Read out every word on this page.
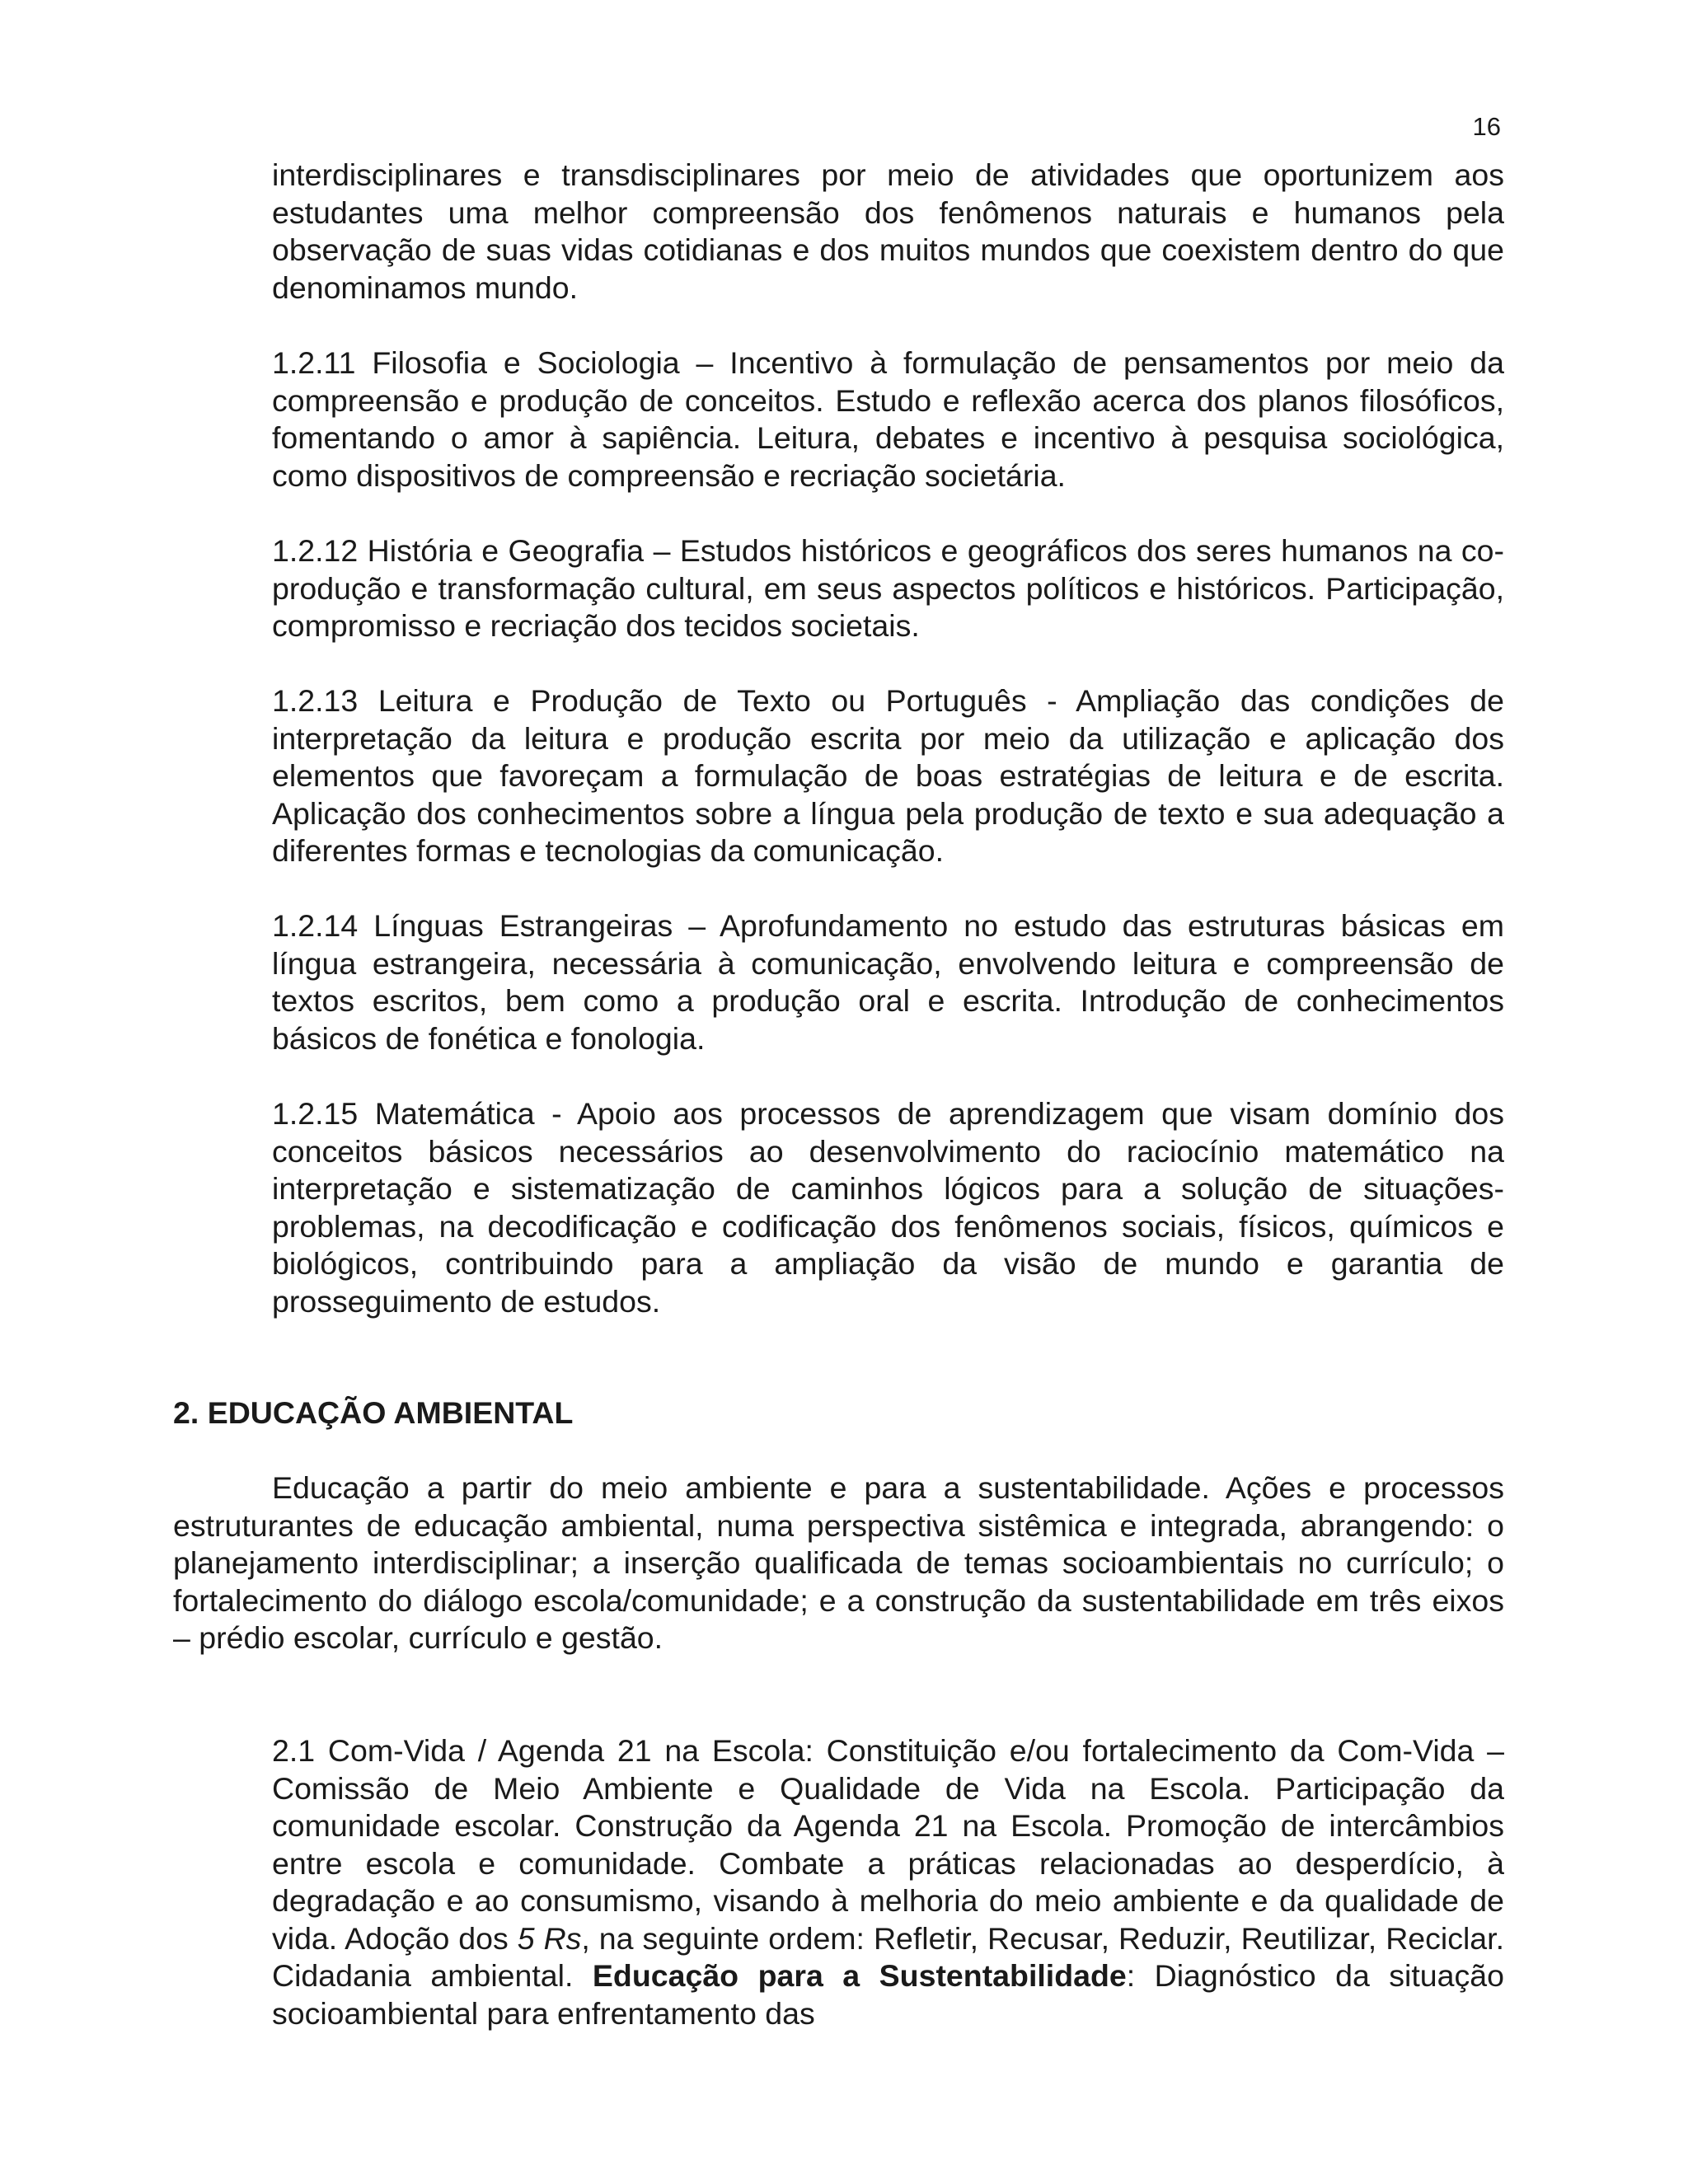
16

interdisciplinares e transdisciplinares por meio de atividades que oportunizem aos estudantes uma melhor compreensão dos fenômenos naturais e humanos pela observação de suas vidas cotidianas e dos muitos mundos que coexistem dentro do que denominamos mundo.

1.2.11 Filosofia e Sociologia – Incentivo à formulação de pensamentos por meio da compreensão e produção de conceitos. Estudo e reflexão acerca dos planos filosóficos, fomentando o amor à sapiência. Leitura, debates e incentivo à pesquisa sociológica, como dispositivos de compreensão e recriação societária.

1.2.12 História e Geografia – Estudos históricos e geográficos dos seres humanos na co-produção e transformação cultural, em seus aspectos políticos e históricos. Participação, compromisso e recriação dos tecidos societais.

1.2.13 Leitura e Produção de Texto ou Português - Ampliação das condições de interpretação da leitura e produção escrita por meio da utilização e aplicação dos elementos que favoreçam a formulação de boas estratégias de leitura e de escrita. Aplicação dos conhecimentos sobre a língua pela produção de texto e sua adequação a diferentes formas e tecnologias da comunicação.

1.2.14 Línguas Estrangeiras – Aprofundamento no estudo das estruturas básicas em língua estrangeira, necessária à comunicação, envolvendo leitura e compreensão de textos escritos, bem como a produção oral e escrita. Introdução de conhecimentos básicos de fonética e fonologia.

1.2.15 Matemática - Apoio aos processos de aprendizagem que visam domínio dos conceitos básicos necessários ao desenvolvimento do raciocínio matemático na interpretação e sistematização de caminhos lógicos para a solução de situações-problemas, na decodificação e codificação dos fenômenos sociais, físicos, químicos e biológicos, contribuindo para a ampliação da visão de mundo e garantia de prosseguimento de estudos.

2. EDUCAÇÃO AMBIENTAL

Educação a partir do meio ambiente e para a sustentabilidade. Ações e processos estruturantes de educação ambiental, numa perspectiva sistêmica e integrada, abrangendo: o planejamento interdisciplinar; a inserção qualificada de temas socioambientais no currículo; o fortalecimento do diálogo escola/comunidade; e a construção da sustentabilidade em três eixos – prédio escolar, currículo e gestão.

2.1 Com-Vida / Agenda 21 na Escola: Constituição e/ou fortalecimento da Com-Vida – Comissão de Meio Ambiente e Qualidade de Vida na Escola. Participação da comunidade escolar. Construção da Agenda 21 na Escola. Promoção de intercâmbios entre escola e comunidade. Combate a práticas relacionadas ao desperdício, à degradação e ao consumismo, visando à melhoria do meio ambiente e da qualidade de vida. Adoção dos 5 Rs, na seguinte ordem: Refletir, Recusar, Reduzir, Reutilizar, Reciclar. Cidadania ambiental. Educação para a Sustentabilidade: Diagnóstico da situação socioambiental para enfrentamento das
